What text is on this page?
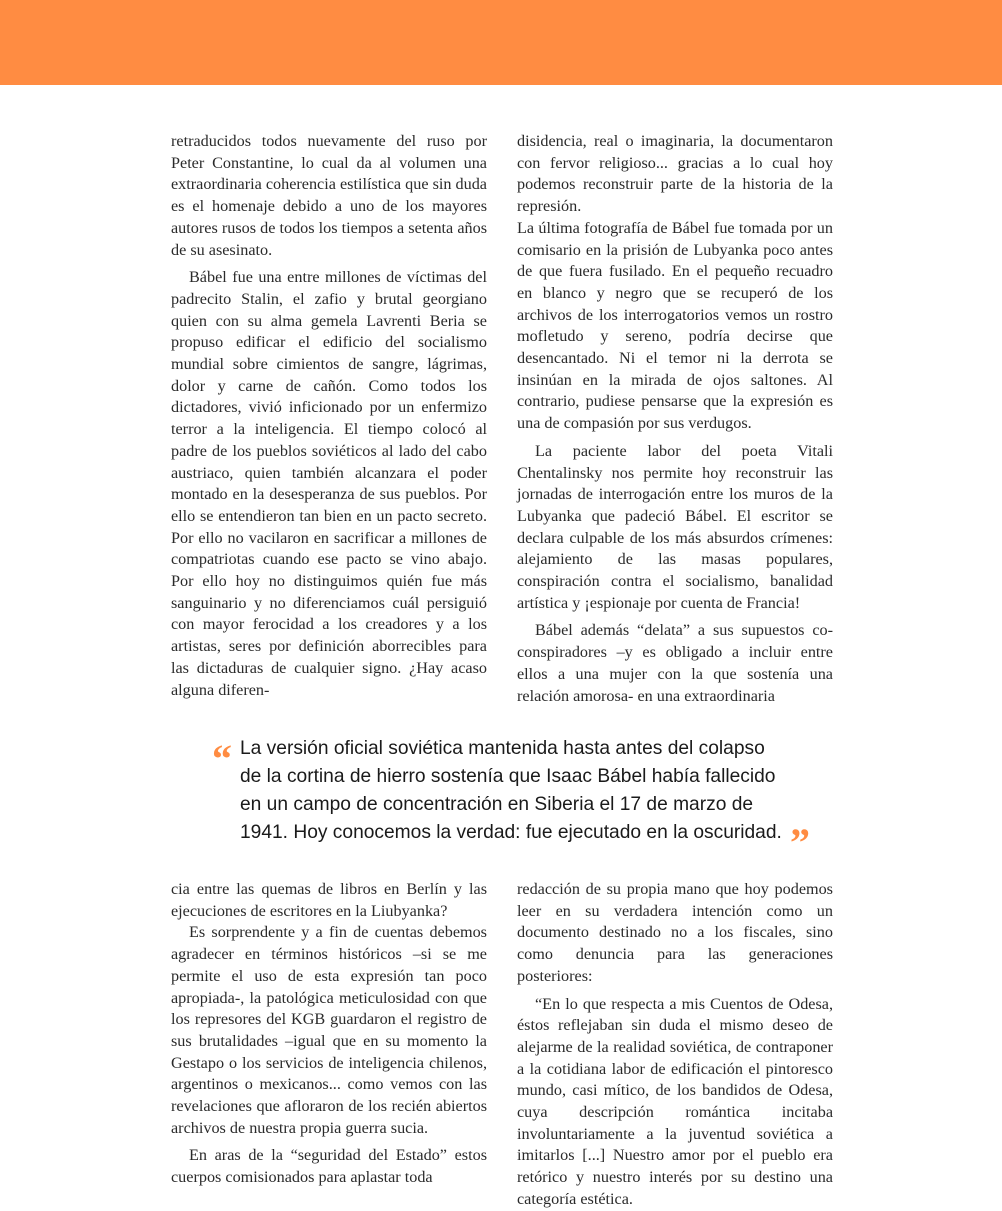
retraducidos todos nuevamente del ruso por Peter Constantine, lo cual da al volumen una extraordinaria coherencia estilística que sin duda es el homenaje debido a uno de los mayores autores rusos de todos los tiempos a setenta años de su asesinato.

Bábel fue una entre millones de víctimas del padrecito Stalin, el zafio y brutal georgiano quien con su alma gemela Lavrenti Beria se propuso edificar el edificio del socialismo mundial sobre cimientos de sangre, lágrimas, dolor y carne de cañón. Como todos los dictadores, vivió inficionado por un enfermizo terror a la inteligencia. El tiempo colocó al padre de los pueblos soviéticos al lado del cabo austriaco, quien también alcanzara el poder montado en la desesperanza de sus pueblos. Por ello se entendieron tan bien en un pacto secreto. Por ello no vacilaron en sacrificar a millones de compatriotas cuando ese pacto se vino abajo. Por ello hoy no distinguimos quién fue más sanguinario y no diferenciamos cuál persiguió con mayor ferocidad a los creadores y a los artistas, seres por definición aborrecibles para las dictaduras de cualquier signo. ¿Hay acaso alguna diferen-

disidencia, real o imaginaria, la documentaron con fervor religioso... gracias a lo cual hoy podemos reconstruir parte de la historia de la represión.

La última fotografía de Bábel fue tomada por un comisario en la prisión de Lubyanka poco antes de que fuera fusilado. En el pequeño recuadro en blanco y negro que se recuperó de los archivos de los interrogatorios vemos un rostro mofletudo y sereno, podría decirse que desencantado. Ni el temor ni la derrota se insinúan en la mirada de ojos saltones. Al contrario, pudiese pensarse que la expresión es una de compasión por sus verdugos.

La paciente labor del poeta Vitali Chentalinsky nos permite hoy reconstruir las jornadas de interrogación entre los muros de la Lubyanka que padeció Bábel. El escritor se declara culpable de los más absurdos crímenes: alejamiento de las masas populares, conspiración contra el socialismo, banalidad artística y ¡espionaje por cuenta de Francia!

Bábel además “delata” a sus supuestos co-conspiradores –y es obligado a incluir entre ellos a una mujer con la que sostenía una relación amorosa- en una extraordinaria

“ La versión oficial soviética mantenida hasta antes del colapso
de la cortina de hierro sostenía que Isaac Bábel había fallecido
en un campo de concentración en Siberia el 17 de marzo de
1941. Hoy conocemos la verdad: fue ejecutado en la oscuridad. ”

cia entre las quemas de libros en Berlín y las ejecuciones de escritores en la Liubyanka?

Es sorprendente y a fin de cuentas debemos agradecer en términos históricos –si se me permite el uso de esta expresión tan poco apropiada-, la patológica meticulosidad con que los represores del KGB guardaron el registro de sus brutalidades –igual que en su momento la Gestapo o los servicios de inteligencia chilenos, argentinos o mexicanos... como vemos con las revelaciones que afloraron de los recién abiertos archivos de nuestra propia guerra sucia.

En aras de la “seguridad del Estado” estos cuerpos comisionados para aplastar toda

redacción de su propia mano que hoy podemos leer en su verdadera intención como un documento destinado no a los fiscales, sino como denuncia para las generaciones posteriores:

“En lo que respecta a mis Cuentos de Odesa, éstos reflejaban sin duda el mismo deseo de alejarme de la realidad soviética, de contraponer a la cotidiana labor de edificación el pintoresco mundo, casi mítico, de los bandidos de Odesa, cuya descripción romántica incitaba involuntariamente a la juventud soviética a imitarlos [...] Nuestro amor por el pueblo era retórico y nuestro interés por su destino una categoría estética.
